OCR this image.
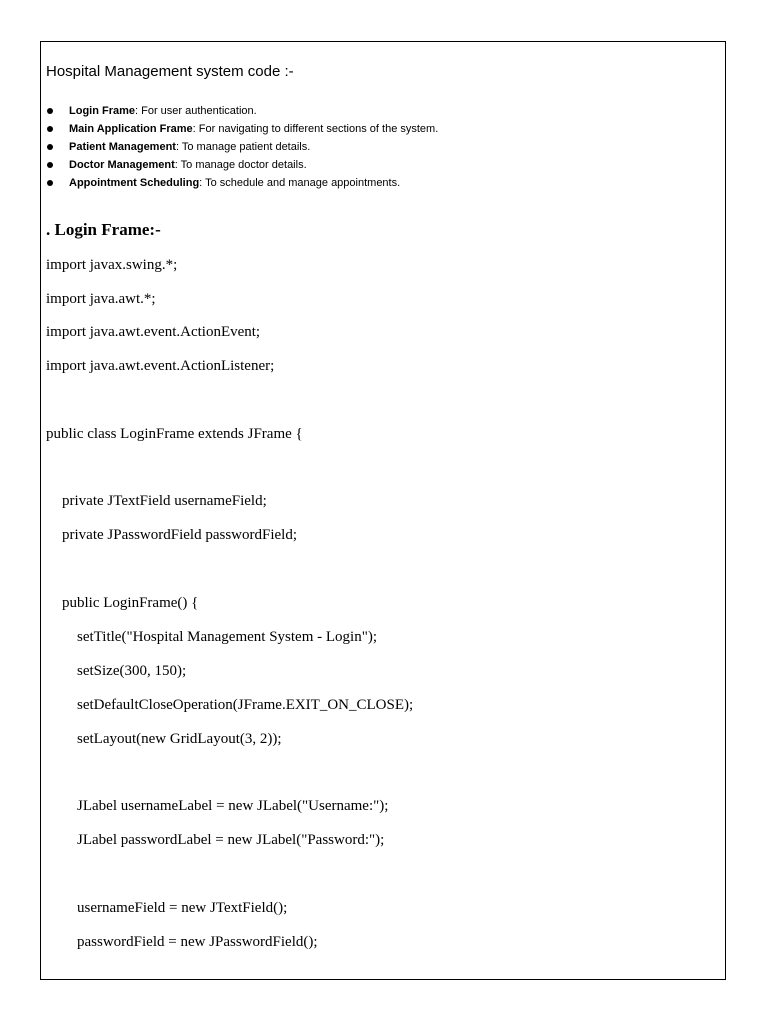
Hospital Management system code :-
Login Frame: For user authentication.
Main Application Frame: For navigating to different sections of the system.
Patient Management: To manage patient details.
Doctor Management: To manage doctor details.
Appointment Scheduling: To schedule and manage appointments.
. Login Frame:-
import javax.swing.*;
import java.awt.*;
import java.awt.event.ActionEvent;
import java.awt.event.ActionListener;
public class LoginFrame extends JFrame {
private JTextField usernameField;
private JPasswordField passwordField;
public LoginFrame() {
setTitle("Hospital Management System - Login");
setSize(300, 150);
setDefaultCloseOperation(JFrame.EXIT_ON_CLOSE);
setLayout(new GridLayout(3, 2));
JLabel usernameLabel = new JLabel("Username:");
JLabel passwordLabel = new JLabel("Password:");
usernameField = new JTextField();
passwordField = new JPasswordField();
